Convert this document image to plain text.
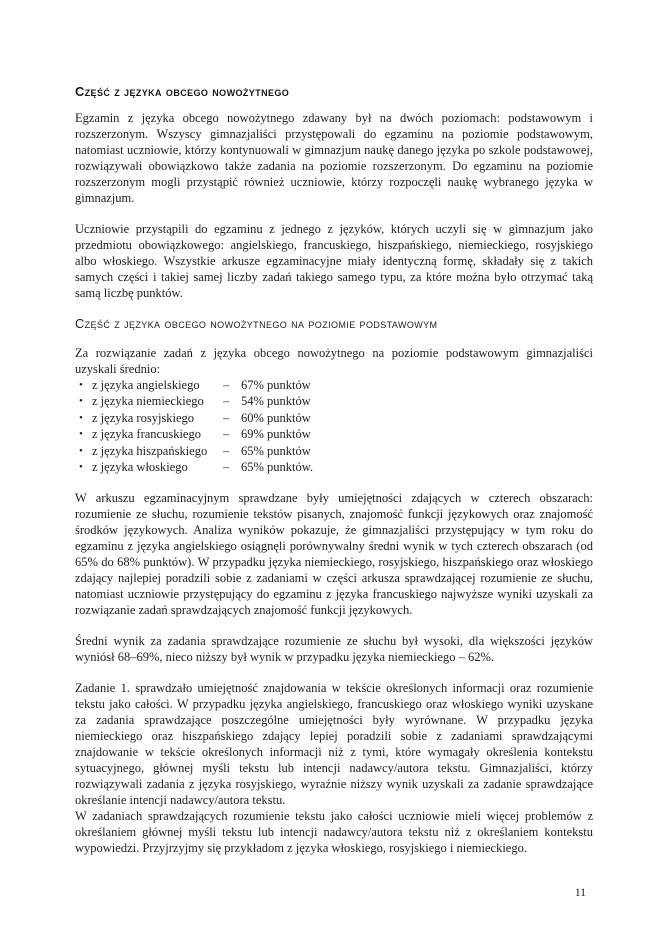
Część z języka obcego nowożytnego

Egzamin z języka obcego nowożytnego zdawany był na dwóch poziomach: podstawowym i rozszerzonym. Wszyscy gimnazjaliści przystępowali do egzaminu na poziomie podstawowym, natomiast uczniowie, którzy kontynuowali w gimnazjum naukę danego języka po szkole podstawowej, rozwiązywali obowiązkowo także zadania na poziomie rozszerzonym. Do egzaminu na poziomie rozszerzonym mogli przystąpić również uczniowie, którzy rozpoczęli naukę wybranego języka w gimnazjum.

Uczniowie przystąpili do egzaminu z jednego z języków, których uczyli się w gimnazjum jako przedmiotu obowiązkowego: angielskiego, francuskiego, hiszpańskiego, niemieckiego, rosyjskiego albo włoskiego. Wszystkie arkusze egzaminacyjne miały identyczną formę, składały się z takich samych części i takiej samej liczby zadań takiego samego typu, za które można było otrzymać taką samą liczbę punktów.

Część z języka obcego nowożytnego na poziomie podstawowym

Za rozwiązanie zadań z języka obcego nowożytnego na poziomie podstawowym gimnazjaliści uzyskali średnio:

• z języka angielskiego	– 67% punktów
• z języka niemieckiego	– 54% punktów
• z języka rosyjskiego	– 60% punktów
• z języka francuskiego	– 69% punktów
• z języka hiszpańskiego	– 65% punktów
• z języka włoskiego	– 65% punktów.

W arkuszu egzaminacyjnym sprawdzane były umiejętności zdających w czterech obszarach: rozumienie ze słuchu, rozumienie tekstów pisanych, znajomość funkcji językowych oraz znajomość środków językowych. Analiza wyników pokazuje, że gimnazjaliści przystępujący w tym roku do egzaminu z języka angielskiego osiągnęli porównywalny średni wynik w tych czterech obszarach (od 65% do 68% punktów). W przypadku języka niemieckiego, rosyjskiego, hiszpańskiego oraz włoskiego zdający najlepiej poradzili sobie z zadaniami w części arkusza sprawdzającej rozumienie ze słuchu, natomiast uczniowie przystępujący do egzaminu z języka francuskiego najwyższe wyniki uzyskali za rozwiązanie zadań sprawdzających znajomość funkcji językowych.

Średni wynik za zadania sprawdzające rozumienie ze słuchu był wysoki, dla większości języków wyniósł 68–69%, nieco niższy był wynik w przypadku języka niemieckiego – 62%.

Zadanie 1. sprawdzało umiejętność znajdowania w tekście określonych informacji oraz rozumienie tekstu jako całości. W przypadku języka angielskiego, francuskiego oraz włoskiego wyniki uzyskane za zadania sprawdzające poszczególne umiejętności były wyrównane. W przypadku języka niemieckiego oraz hiszpańskiego zdający lepiej poradzili sobie z zadaniami sprawdzającymi znajdowanie w tekście określonych informacji niż z tymi, które wymagały określenia kontekstu sytuacyjnego, głównej myśli tekstu lub intencji nadawcy/autora tekstu. Gimnazjaliści, którzy rozwiązywali zadania z języka rosyjskiego, wyraźnie niższy wynik uzyskali za zadanie sprawdzające określanie intencji nadawcy/autora tekstu.

W zadaniach sprawdzających rozumienie tekstu jako całości uczniowie mieli więcej problemów z określaniem głównej myśli tekstu lub intencji nadawcy/autora tekstu niż z określaniem kontekstu wypowiedzi. Przyjrzyjmy się przykładom z języka włoskiego, rosyjskiego i niemieckiego.

11
